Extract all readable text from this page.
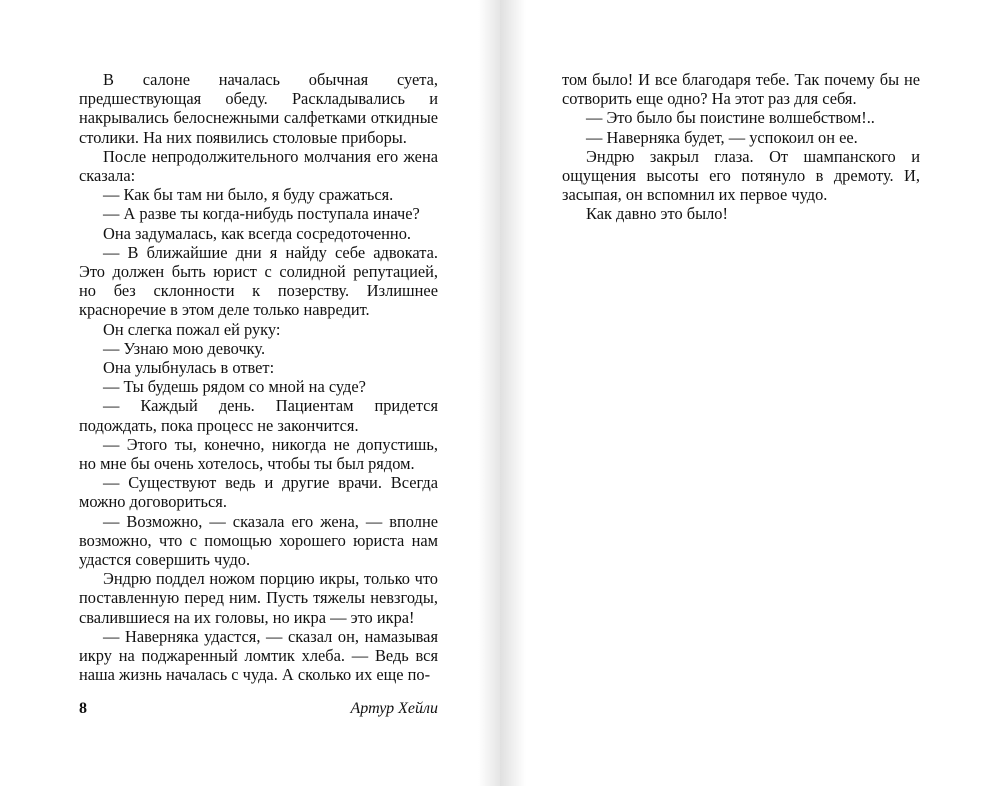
В салоне началась обычная суета, предшествующая обеду. Раскладывались и накрывались белоснежными салфетками откидные столики. На них появились столовые приборы.

После непродолжительного молчания его жена сказала:

— Как бы там ни было, я буду сражаться.

— А разве ты когда-нибудь поступала иначе?

Она задумалась, как всегда сосредоточенно.

— В ближайшие дни я найду себе адвоката. Это должен быть юрист с солидной репутацией, но без склонности к позерству. Излишнее красноречие в этом деле только навредит.

Он слегка пожал ей руку:

— Узнаю мою девочку.

Она улыбнулась в ответ:

— Ты будешь рядом со мной на суде?

— Каждый день. Пациентам придется подождать, пока процесс не закончится.

— Этого ты, конечно, никогда не допустишь, но мне бы очень хотелось, чтобы ты был рядом.

— Существуют ведь и другие врачи. Всегда можно договориться.

— Возможно, — сказала его жена, — вполне возможно, что с помощью хорошего юриста нам удастся совершить чудо.

Эндрю поддел ножом порцию икры, только что поставленную перед ним. Пусть тяжелы невзгоды, свалившиеся на их головы, но икра — это икра!

— Наверняка удастся, — сказал он, намазывая икру на поджаренный ломтик хлеба. — Ведь вся наша жизнь началась с чуда. А сколько их еще по-

8	Артур Хейли

том было! И все благодаря тебе. Так почему бы не сотворить еще одно? На этот раз для себя.

— Это было бы поистине волшебством!..

— Наверняка будет, — успокоил он ее.

Эндрю закрыл глаза. От шампанского и ощущения высоты его потянуло в дремоту. И, засыпая, он вспомнил их первое чудо.

Как давно это было!
